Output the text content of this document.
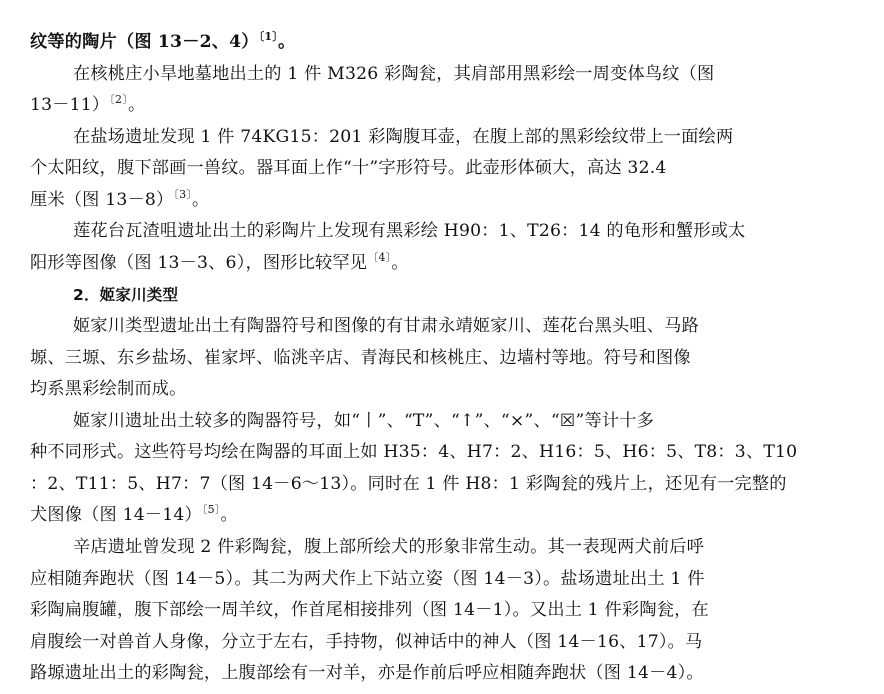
纹等的陶片（图 13－2、4）$^{〔1〕}$。
在核桃庄小旱地墓地出土的 1 件 M326 彩陶瓮，其肩部用黑彩绘一周变体鸟纹（图
13－11）$^{〔2〕}$。
在盐场遗址发现 1 件 74KG15：201 彩陶腹耳壶，在腹上部的黑彩绘纹带上一面绘两
个太阳纹，腹下部画一兽纹。器耳面上作“十”字形符号。此壶形体硕大，高达 32.4
厘米（图 13－8）$^{〔3〕}$。
莲花台瓦渣咀遗址出土的彩陶片上发现有黑彩绘 H90：1、T26：14 的龟形和蟹形或太
阳形等图像（图 13－3、6），图形比较罕见$^{〔4〕}$。
2．姬家川类型
姬家川类型遗址出土有陶器符号和图像的有甘肃永靖姬家川、莲花台黑头咀、马路
塬、三塬、东乡盐场、崔家坪、临洮辛店、青海民和核桃庄、边墙村等地。符号和图像
均系黑彩绘制而成。
姬家川遗址出土较多的陶器符号，如“丨”、“T”、“↑”、“×”、“☒”等计十多
种不同形式。这些符号均绘在陶器的耳面上如 H35：4、H7：2、H16：5、H6：5、T8：3、T10
：2、T11：5、H7：7（图 14－6～13）。同时在 1 件 H8：1 彩陶瓮的残片上，还见有一完整的
犬图像（图 14－14）$^{〔5〕}$。
辛店遗址曾发现 2 件彩陶瓮，腹上部所绘犬的形象非常生动。其一表现两犬前后呼
应相随奔跑状（图 14－5）。其二为两犬作上下站立姿（图 14－3）。盐场遗址出土 1 件
彩陶扁腹罐，腹下部绘一周羊纹，作首尾相接排列（图 14－1）。又出土 1 件彩陶瓮，在
肩腹绘一对兽首人身像，分立于左右，手持物，似神话中的神人（图 14－16、17）。马
路塬遗址出土的彩陶瓮，上腹部绘有一对羊，亦是作前后呼应相随奔跑状（图 14－4）。
